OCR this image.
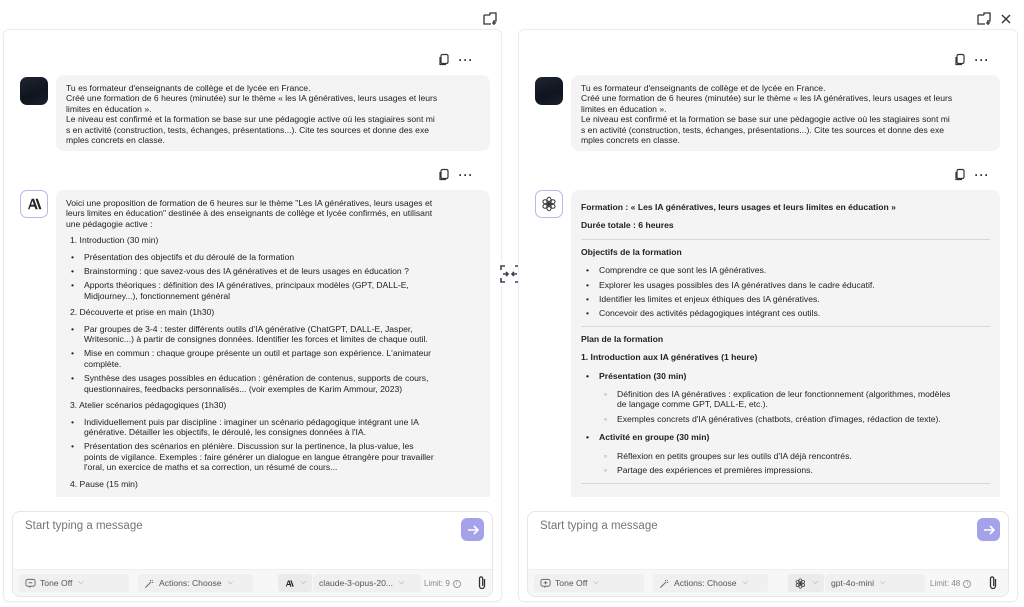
···
Tu es formateur d'enseignants de collège et de lycée en France.
Créé une formation de 6 heures (minutée) sur le thème « les IA génératives, leurs usages et leurs
limites en éducation ».
Le niveau est confirmé et la formation se base sur une pédagogie active où les stagiaires sont mi
s en activité (construction, tests, échanges, présentations...). Cite tes sources et donne des exe
mples concrets en classe.
···

Voici une proposition de formation de 6 heures sur le thème "Les IA génératives, leurs usages et
leurs limites en éducation" destinée à des enseignants de collège et lycée confirmés, en utilisant
une pédagogie active :

1. Introduction (30 min)
• Présentation des objectifs et du déroulé de la formation
• Brainstorming : que savez-vous des IA génératives et de leurs usages en éducation ?
• Apports théoriques : définition des IA génératives, principaux modèles (GPT, DALL-E,
Midjourney...), fonctionnement général
2. Découverte et prise en main (1h30)
• Par groupes de 3-4 : tester différents outils d'IA générative (ChatGPT, DALL-E, Jasper,
Writesonic...) à partir de consignes données. Identifier les forces et limites de chaque outil.
• Mise en commun : chaque groupe présente un outil et partage son expérience. L'animateur
complète.
• Synthèse des usages possibles en éducation : génération de contenus, supports de cours,
questionnaires, feedbacks personnalisés... (voir exemples de Karim Ammour, 2023)
3. Atelier scénarios pédagogiques (1h30)
• Individuellement puis par discipline : imaginer un scénario pédagogique intégrant une IA
générative. Détailler les objectifs, le déroulé, les consignes données à l'IA.
• Présentation des scénarios en plénière. Discussion sur la pertinence, la plus-value, les
points de vigilance. Exemples : faire générer un dialogue en langue étrangère pour travailler
l'oral, un exercice de maths et sa correction, un résumé de cours...
4. Pause (15 min)
Start typing a message
Tone Off ⌵	Actions: Choose ⌵	⌵ claude-3-opus-20... ⌵ Limit: 9	i
···
Tu es formateur d'enseignants de collège et de lycée en France.
Créé une formation de 6 heures (minutée) sur le thème « les IA génératives, leurs usages et leurs
limites en éducation ».
Le niveau est confirmé et la formation se base sur une pédagogie active où les stagiaires sont mi
s en activité (construction, tests, échanges, présentations...). Cite tes sources et donne des exe
mples concrets en classe.
···
Formation : « Les IA génératives, leurs usages et leurs limites en éducation »
Durée totale : 6 heures
Objectifs de la formation
• Comprendre ce que sont les IA génératives.
• Explorer les usages possibles des IA génératives dans le cadre éducatif.
• Identifier les limites et enjeux éthiques des IA génératives.
• Concevoir des activités pédagogiques intégrant ces outils.
Plan de la formation
1. Introduction aux IA génératives (1 heure)
• Présentation (30 min)
◦ Définition des IA génératives : explication de leur fonctionnement (algorithmes, modèles
de langage comme GPT, DALL-E, etc.).
◦ Exemples concrets d'IA génératives (chatbots, création d'images, rédaction de texte).
• Activité en groupe (30 min)
◦ Réflexion en petits groupes sur les outils d'IA déjà rencontrés.
◦ Partage des expériences et premières impressions.
Start typing a message
Tone Off ⌵	Actions: Choose ⌵	⌵ gpt-4o-mini ⌵	Limit: 48	i
